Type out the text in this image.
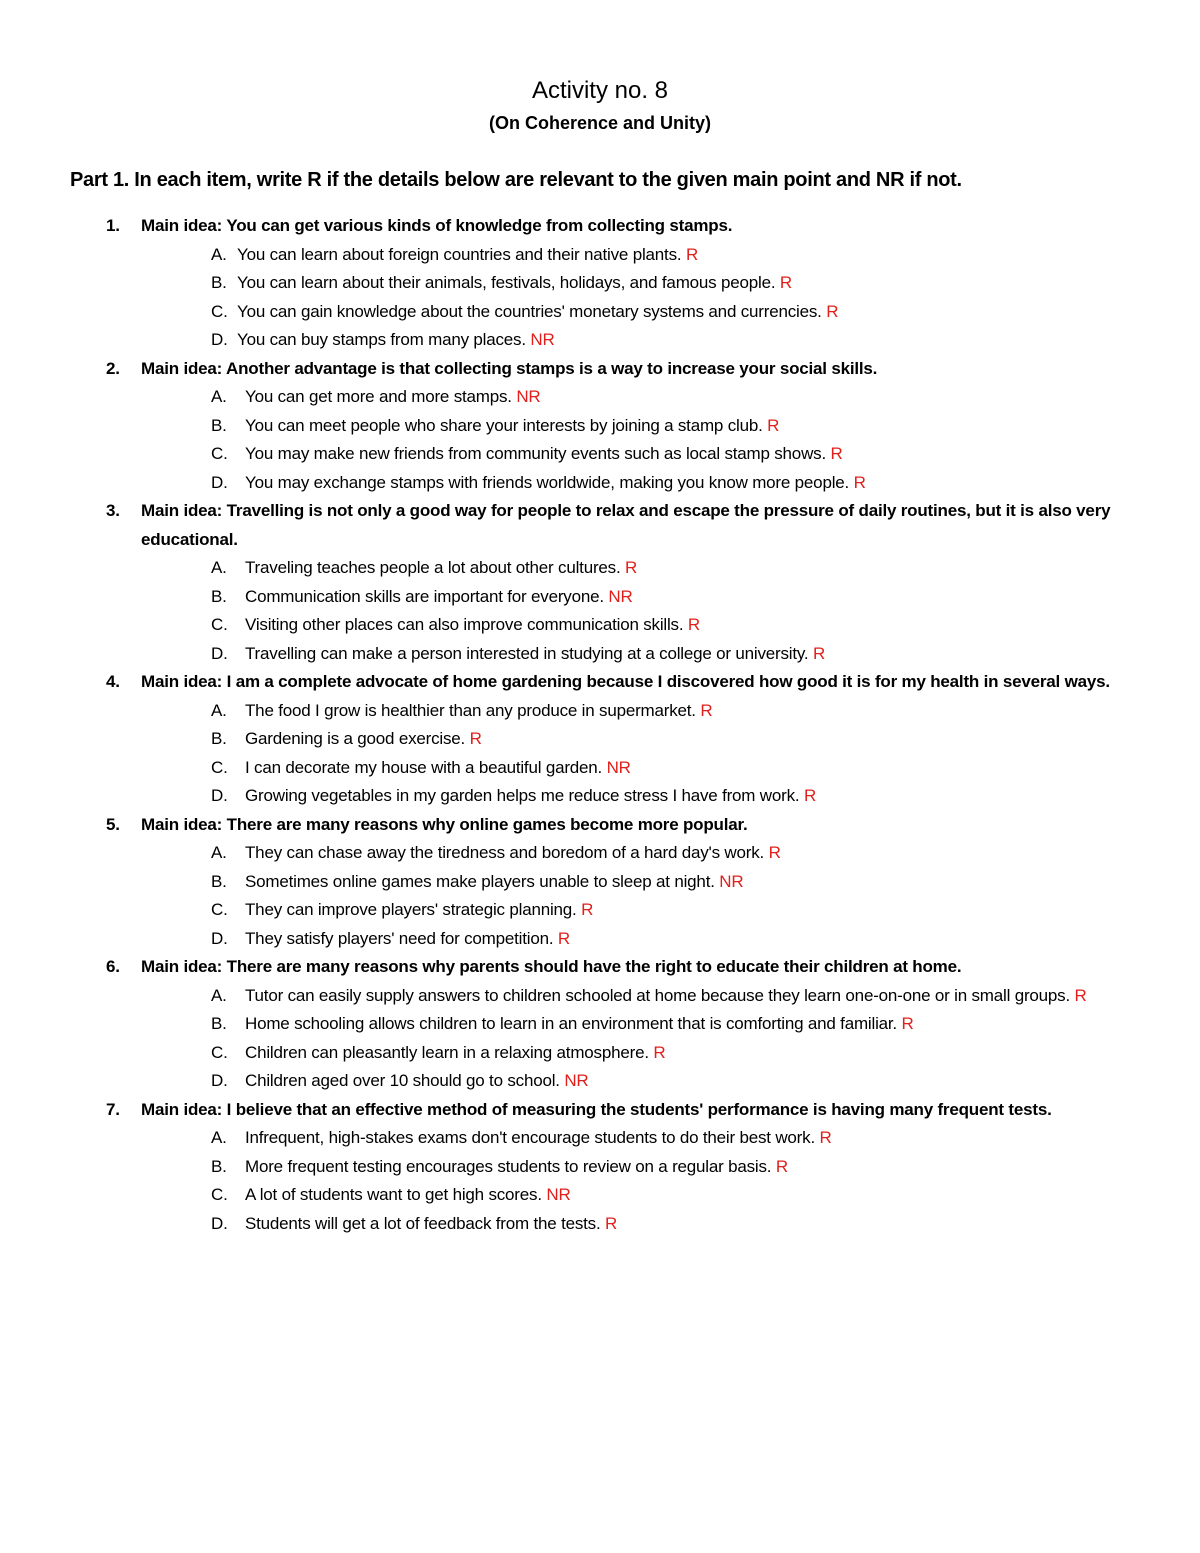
Activity no. 8
(On Coherence and Unity)
Part 1. In each item, write R if the details below are relevant to the given main point and NR if not.
1. Main idea: You can get various kinds of knowledge from collecting stamps.
A. You can learn about foreign countries and their native plants. R
B. You can learn about their animals, festivals, holidays, and famous people. R
C. You can gain knowledge about the countries' monetary systems and currencies. R
D. You can buy stamps from many places. NR
2. Main idea: Another advantage is that collecting stamps is a way to increase your social skills.
A. You can get more and more stamps. NR
B. You can meet people who share your interests by joining a stamp club. R
C. You may make new friends from community events such as local stamp shows. R
D. You may exchange stamps with friends worldwide, making you know more people. R
3. Main idea: Travelling is not only a good way for people to relax and escape the pressure of daily routines, but it is also very educational.
A. Traveling teaches people a lot about other cultures. R
B. Communication skills are important for everyone. NR
C. Visiting other places can also improve communication skills. R
D. Travelling can make a person interested in studying at a college or university. R
4. Main idea: I am a complete advocate of home gardening because I discovered how good it is for my health in several ways.
A. The food I grow is healthier than any produce in supermarket. R
B. Gardening is a good exercise. R
C. I can decorate my house with a beautiful garden. NR
D. Growing vegetables in my garden helps me reduce stress I have from work. R
5. Main idea: There are many reasons why online games become more popular.
A. They can chase away the tiredness and boredom of a hard day's work. R
B. Sometimes online games make players unable to sleep at night. NR
C. They can improve players' strategic planning. R
D. They satisfy players' need for competition. R
6. Main idea: There are many reasons why parents should have the right to educate their children at home.
A. Tutor can easily supply answers to children schooled at home because they learn one-on-one or in small groups. R
B. Home schooling allows children to learn in an environment that is comforting and familiar. R
C. Children can pleasantly learn in a relaxing atmosphere. R
D. Children aged over 10 should go to school. NR
7. Main idea: I believe that an effective method of measuring the students' performance is having many frequent tests.
A. Infrequent, high-stakes exams don't encourage students to do their best work. R
B. More frequent testing encourages students to review on a regular basis. R
C. A lot of students want to get high scores. NR
D. Students will get a lot of feedback from the tests. R
